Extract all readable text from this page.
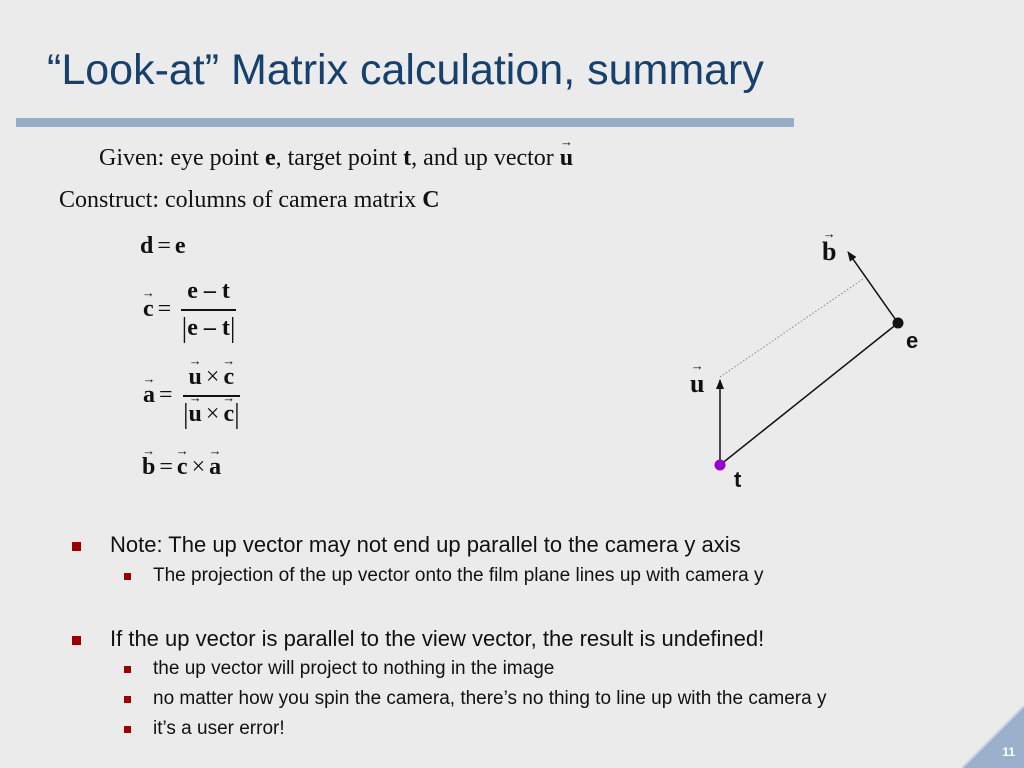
“Look-at” Matrix calculation, summary
Given: eye point e, target point t, and up vector → u
Construct: columns of camera matrix C
d = e
→ $c = \frac{e - t}{|e - t|}$
→ a = → $\frac{u \times \to c}{|\to u \times \to c|}$
→ b = → c × → a
→ b
e
→ u
t
Note: The up vector may not end up parallel to the camera y axis
The projection of the up vector onto the film plane lines up with camera y
If the up vector is parallel to the view vector, the result is undefined!
the up vector will project to nothing in the image
no matter how you spin the camera, there’s no thing to line up with the camera y
it’s a user error!
11
